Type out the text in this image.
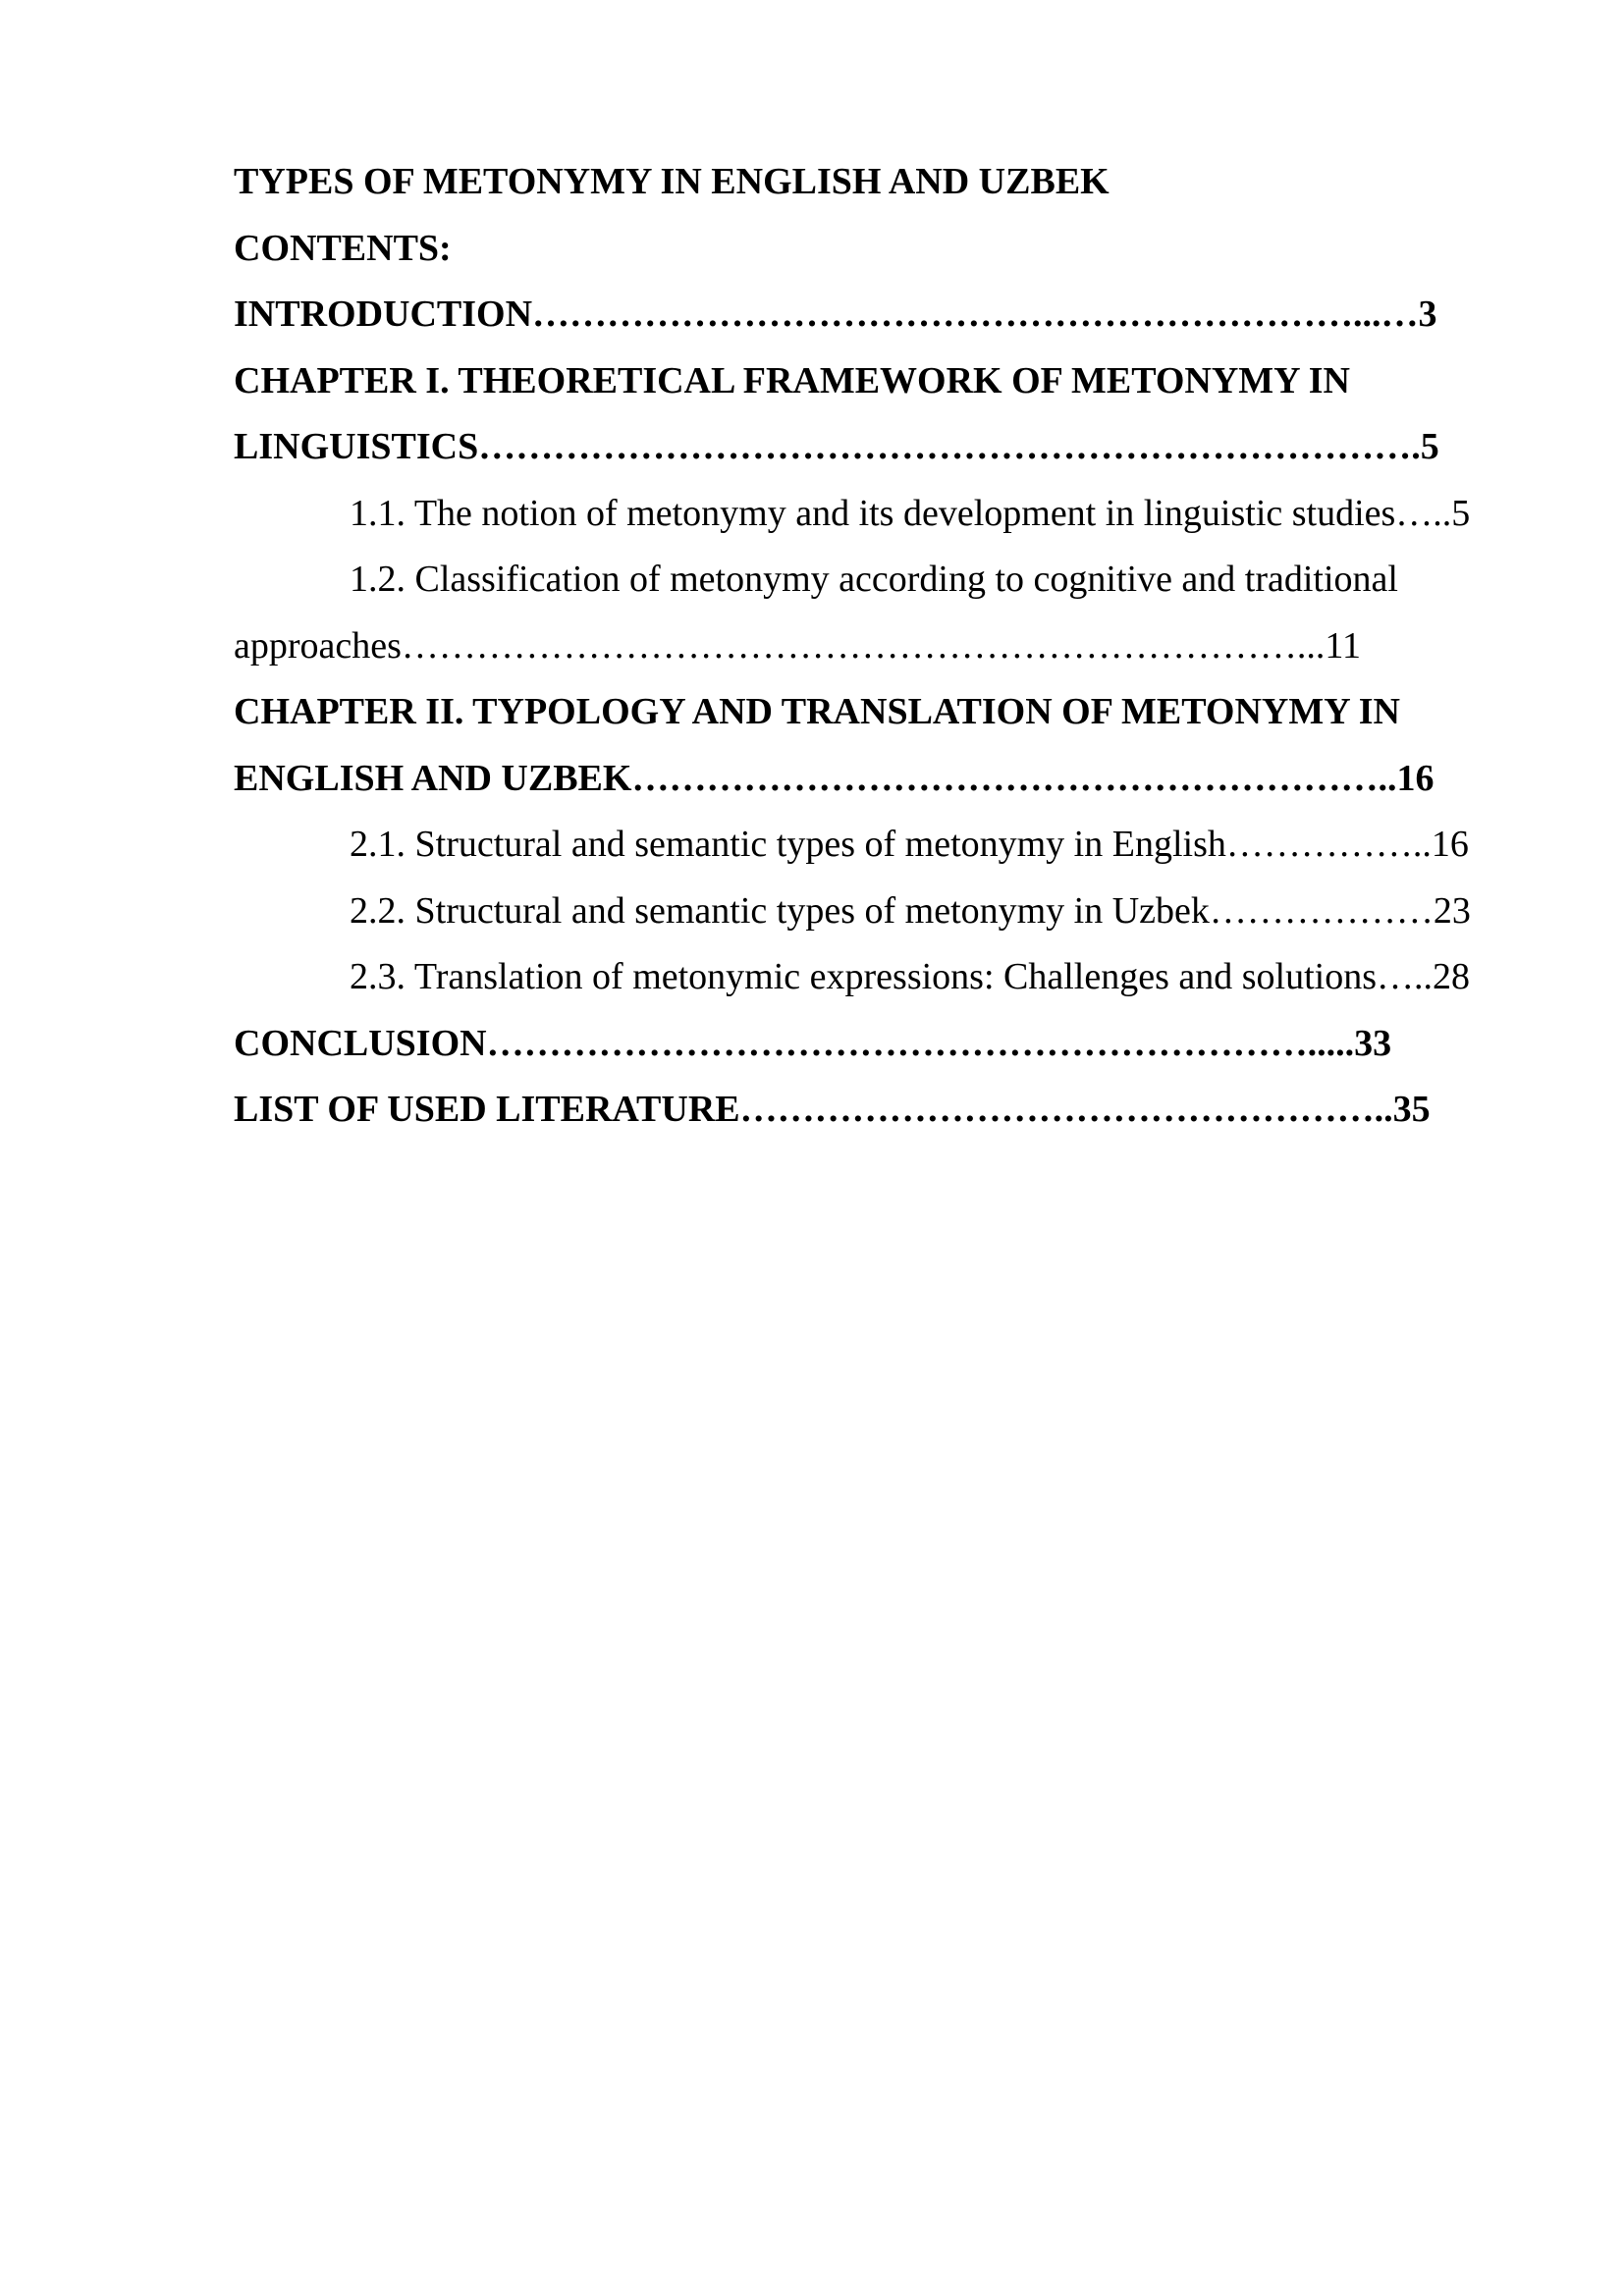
TYPES OF METONYMY IN ENGLISH AND UZBEK
CONTENTS:
INTRODUCTION…………………………………………………………...…3
CHAPTER I. THEORETICAL FRAMEWORK OF METONYMY IN
LINGUISTICS………………………………………………………………….5
1.1. The notion of metonymy and its development in linguistic studies…..5
1.2. Classification of metonymy according to cognitive and traditional
approaches………………………………………………………………...11
CHAPTER II. TYPOLOGY AND TRANSLATION OF METONYMY IN
ENGLISH AND UZBEK……………………………………………………..16
2.1. Structural and semantic types of metonymy in English……………..16
2.2. Structural and semantic types of metonymy in Uzbek………………23
2.3. Translation of metonymic expressions: Challenges and solutions…..28
CONCLUSION………………………………………………………….....33
LIST OF USED LITERATURE……………………………………………..35
